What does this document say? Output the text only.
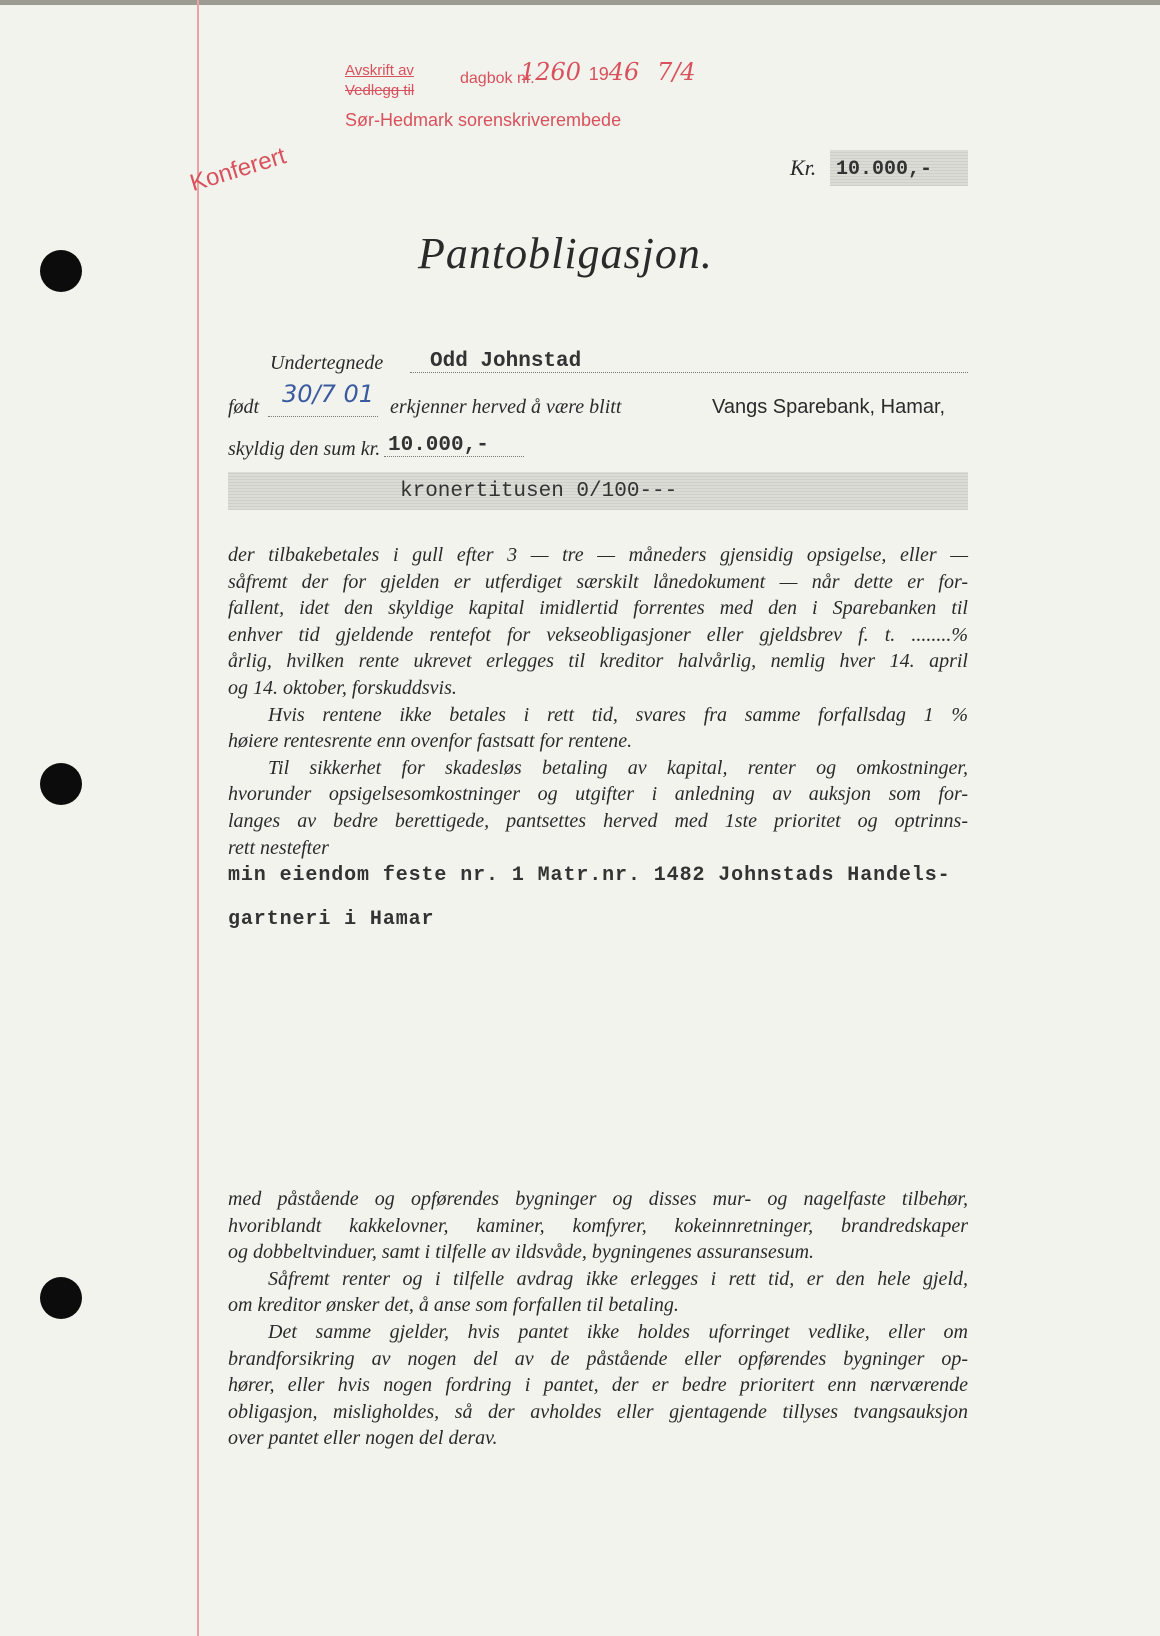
Avskrift av
Vedlegg til
dagbok nr.
1260 1946 7/4
Sør-Hedmark sorenskriverembede
Konferert	Kr. 10.000,-
Pantobligasjon.
Undertegnede Odd Johnstad
født 30/7 01 erkjenner herved å være blitt	Vangs Sparebank, Hamar,
skyldig den sum kr. 10.000,-
kronertitusen 0/100---
der tilbakebetales i gull efter 3 — tre — måneders gjensidig opsigelse, eller —
såfremt der for gjelden er utferdiget særskilt lånedokument — når dette er for-
fallent, idet den skyldige kapital imidlertid forrentes med den i Sparebanken til
enhver tid gjeldende rentefot for vekseobligasjoner eller gjeldsbrev f. t. ........%
årlig, hvilken rente ukrevet erlegges til kreditor halvårlig, nemlig hver 14. april
og 14. oktober, forskuddsvis.
Hvis rentene ikke betales i rett tid, svares fra samme forfallsdag 1 %
høiere rentesrente enn ovenfor fastsatt for rentene.
Til sikkerhet for skadesløs betaling av kapital, renter og omkostninger,
hvorunder opsigelsesomkostninger og utgifter i anledning av auksjon som for-
langes av bedre berettigede, pantsettes herved med 1ste prioritet og optrinns-
rett nestefter
min eiendom feste nr. 1 Matr.nr. 1482 Johnstads Handels-
gartneri i Hamar
med påstående og opførendes bygninger og disses mur- og nagelfaste tilbehør,
hvoriblandt kakkelovner, kaminer, komfyrer, kokeinnretninger, brandredskaper
og dobbeltvinduer, samt i tilfelle av ildsvåde, bygningenes assuransesum.
Såfremt renter og i tilfelle avdrag ikke erlegges i rett tid, er den hele gjeld,
om kreditor ønsker det, å anse som forfallen til betaling.
Det samme gjelder, hvis pantet ikke holdes uforringet vedlike, eller om
brandforsikring av nogen del av de påstående eller opførendes bygninger op-
hører, eller hvis nogen fordring i pantet, der er bedre prioritert enn nærværende
obligasjon, misligholdes, så der avholdes eller gjentagende tillyses tvangsauksjon
over pantet eller nogen del derav.
